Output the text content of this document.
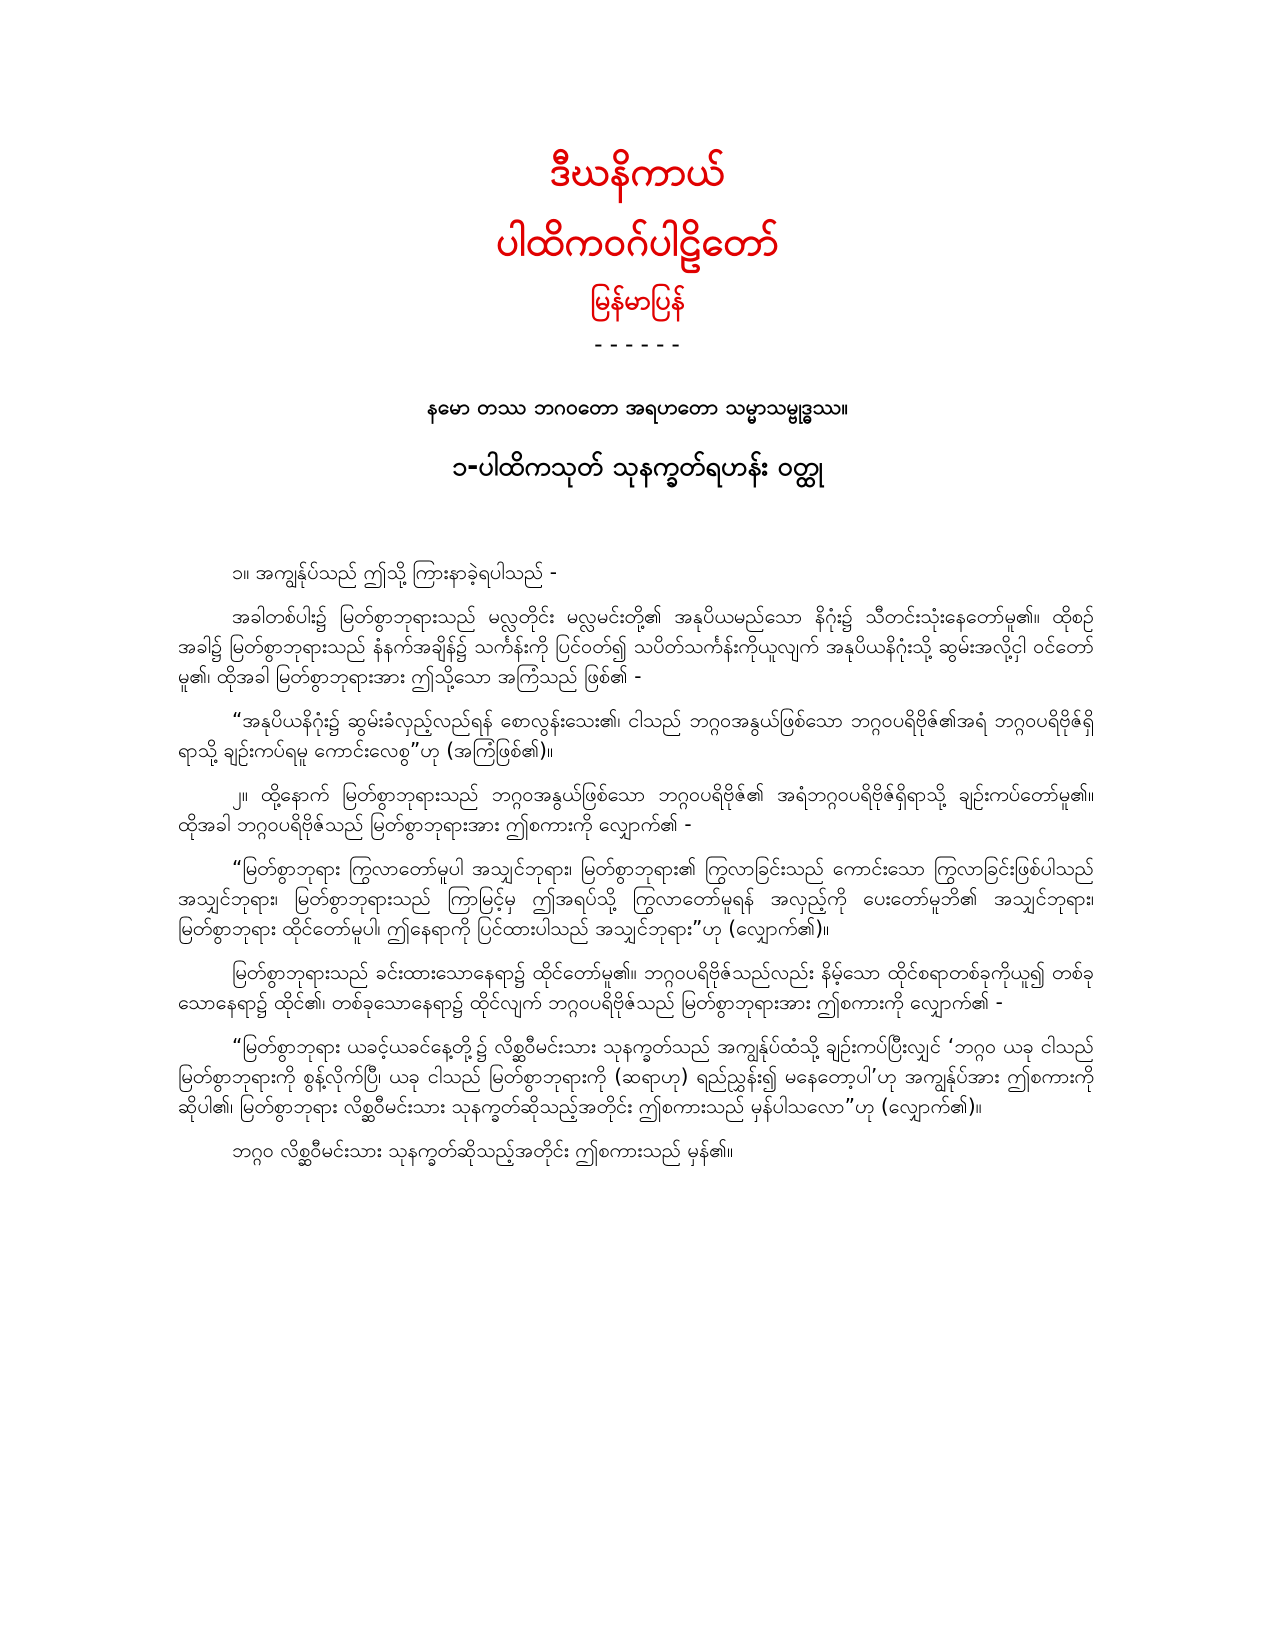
ဒီဃနိကာယ်
ပါထိကဝဂ်ပါဠိတော်
မြန်မာပြန်
------
နမော တဿ ဘဂဝတော အရဟတော သမ္မာသမ္ဗုဒ္ဓဿ။
၁-ပါထိကသုတ် သုနက္ခတ်ရဟန်း ဝတ္ထု

၁။ အကျွန်ုပ်သည် ဤသို့ ကြားနာခဲ့ရပါသည် -

အခါတစ်ပါး၌ မြတ်စွာဘုရားသည် မလ္လတိုင်း မလ္လမင်းတို့၏ အနုပိယမည်သော နိဂုံး၌ သီတင်းသုံးနေတော်မူ၏။ ထိုစဉ်အခါ၌ မြတ်စွာဘုရားသည် နံနက်အချိန်၌ သင်္ကန်းကို ပြင်ဝတ်၍ သပိတ်သင်္ကန်းကိုယူလျက် အနုပိယနိဂုံးသို့ ဆွမ်းအလို့ငှါ ဝင်တော်မူ၏၊ ထိုအခါ မြတ်စွာဘုရားအား ဤသို့သော အကြံသည် ဖြစ်၏ -

“အနုပိယနိဂုံး၌ ဆွမ်းခံလှည့်လည်ရန် စောလွန်းသေး၏၊ ငါသည် ဘဂ္ဂဝအနွယ်ဖြစ်သော ဘဂ္ဂဝပရိဗိုဇ်၏အရံ ဘဂ္ဂဝပရိဗိုဇ်ရှိရာသို့ ချဉ်းကပ်ရမူ ကောင်းလေစွ”ဟု (အကြံဖြစ်၏)။

၂။ ထို့နောက် မြတ်စွာဘုရားသည် ဘဂ္ဂဝအနွယ်ဖြစ်သော ဘဂ္ဂဝပရိဗိုဇ်၏ အရံဘဂ္ဂဝပရိဗိုဇ်ရှိရာသို့ ချဉ်းကပ်တော်မူ၏။ ထိုအခါ ဘဂ္ဂဝပရိဗိုဇ်သည် မြတ်စွာဘုရားအား ဤစကားကို လျှောက်၏ -

“မြတ်စွာဘုရား ကြွလာတော်မူပါ အသျှင်ဘုရား၊ မြတ်စွာဘုရား၏ ကြွလာခြင်းသည် ကောင်းသော ကြွလာခြင်းဖြစ်ပါသည် အသျှင်ဘုရား၊ မြတ်စွာဘုရားသည် ကြာမြင့်မှ ဤအရပ်သို့ ကြွလာတော်မူရန် အလှည့်ကို ပေးတော်မူဘိ၏ အသျှင်ဘုရား၊ မြတ်စွာဘုရား ထိုင်တော်မူပါ၊ ဤနေရာကို ပြင်ထားပါသည် အသျှင်ဘုရား”ဟု (လျှောက်၏)။

မြတ်စွာဘုရားသည် ခင်းထားသောနေရာ၌ ထိုင်တော်မူ၏။ ဘဂ္ဂဝပရိဗိုဇ်သည်လည်း နိမ့်သော ထိုင်စရာတစ်ခုကိုယူ၍ တစ်ခုသောနေရာ၌ ထိုင်၏၊ တစ်ခုသောနေရာ၌ ထိုင်လျက် ဘဂ္ဂဝပရိဗိုဇ်သည် မြတ်စွာဘုရားအား ဤစကားကို လျှောက်၏ -

“မြတ်စွာဘုရား ယခင့်ယခင်နေ့တို့၌ လိစ္ဆဝီမင်းသား သုနက္ခတ်သည် အကျွန်ုပ်ထံသို့ ချဉ်းကပ်ပြီးလျှင် ‘ဘဂ္ဂဝ ယခု ငါသည် မြတ်စွာဘုရားကို စွန့်လိုက်ပြီ၊ ယခု ငါသည် မြတ်စွာဘုရားကို (ဆရာဟု) ရည်ညွှန်း၍ မနေတော့ပါ’ဟု အကျွန်ုပ်အား ဤစကားကို ဆိုပါ၏၊ မြတ်စွာဘုရား လိစ္ဆဝီမင်းသား သုနက္ခတ်ဆိုသည့်အတိုင်း ဤစကားသည် မှန်ပါသလော”ဟု (လျှောက်၏)။

ဘဂ္ဂဝ လိစ္ဆဝီမင်းသား သုနက္ခတ်ဆိုသည့်အတိုင်း ဤစကားသည် မှန်၏။
